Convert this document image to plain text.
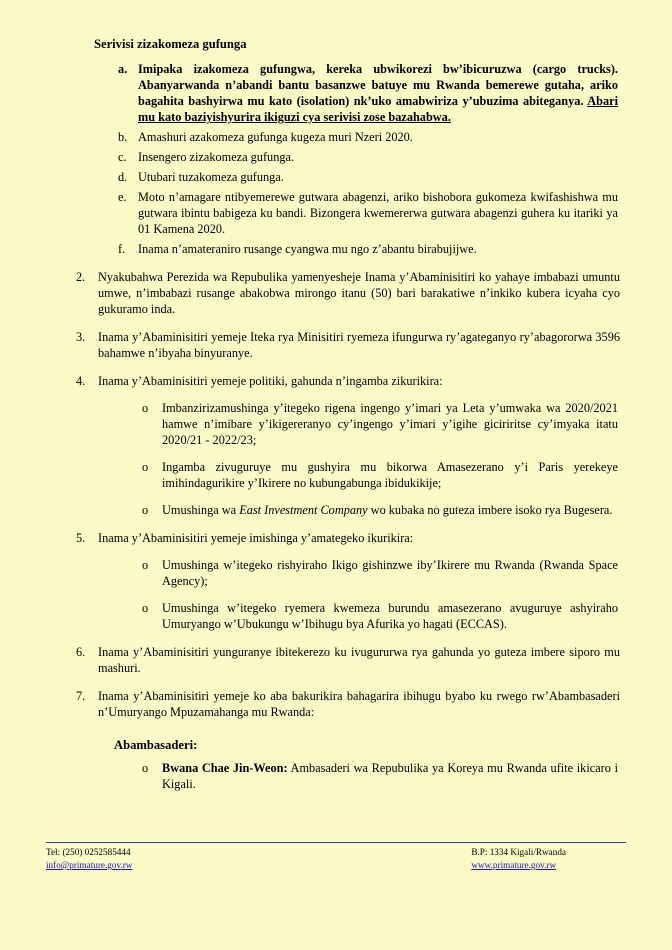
Serivisi zizakomeza gufunga
a. Imipaka izakomeza gufungwa, kereka ubwikorezi bw’ibicuruzwa (cargo trucks). Abanyarwanda n’abandi bantu basanzwe batuye mu Rwanda bemerewe gutaha, ariko bagahita bashyirwa mu kato (isolation) nk’uko amabwiriza y’ubuzima abiteganya. Abari mu kato baziyishyurira ikiguzi cya serivisi zose bazahabwa.
b. Amashuri azakomeza gufunga kugeza muri Nzeri 2020.
c. Insengero zizakomeza gufunga.
d. Utubari tuzakomeza gufunga.
e. Moto n’amagare ntibyemerewe gutwara abagenzi, ariko bishobora gukomeza kwifashishwa mu gutwara ibintu babigeza ku bandi. Bizongera kwemererwa gutwara abagenzi guhera ku itariki ya 01 Kamena 2020.
f.	Inama n’amateraniro rusange cyangwa mu ngo z’abantu birabujijwe.
2.	Nyakubahwa Perezida wa Repubulika yamenyesheje Inama y’Abaminisitiri ko yahaye imbabazi umuntu umwe, n’imbabazi rusange abakobwa mirongo itanu (50) bari barakatiwe n’inkiko kubera icyaha cyo gukuramo inda.
3.	Inama y’Abaminisitiri yemeje Iteka rya Minisitiri ryemeza ifungurwa ry’agateganyo ry’abagororwa 3596 bahamwe n’ibyaha binyuranye.
4.	Inama y’Abaminisitiri yemeje politiki, gahunda n’ingamba zikurikira:
o	Imbanzirizamushinga y’itegeko rigena ingengo y’imari ya Leta y’umwaka wa 2020/2021 hamwe n’imibare y’ikigereranyo cy’ingengo y’imari y’igihe giciriritse cy’imyaka itatu 2020/21 - 2022/23;
o	Ingamba zivuguruye mu gushyira mu bikorwa Amasezerano y’i Paris yerekeye imihindagurikire y’Ikirere no kubungabunga ibidukikije;
o	Umushinga wa East Investment Company wo kubaka no guteza imbere isoko rya Bugesera.
5.	Inama y’Abaminisitiri yemeje imishinga y’amategeko ikurikira:
o	Umushinga w’itegeko rishyiraho Ikigo gishinzwe iby’Ikirere mu Rwanda (Rwanda Space Agency);
o	Umushinga w’itegeko ryemera kwemeza burundu amasezerano avuguruye ashyiraho Umuryango w’Ubukungu w’Ibihugu bya Afurika yo hagati (ECCAS).
6.	Inama y’Abaminisitiri yunguranye ibitekerezo ku ivugururwa rya gahunda yo guteza imbere siporo mu mashuri.
7.	Inama y’Abaminisitiri yemeje ko aba bakurikira bahagarira ibihugu byabo ku rwego rw’Abambasaderi n’Umuryango Mpuzamahanga mu Rwanda:
Abambasaderi:
o	Bwana Chae Jin-Weon: Ambasaderi wa Repubulika ya Koreya mu Rwanda ufite ikicaro i Kigali.
Tel: (250) 0252585444
info@primature.gov.rw
B.P: 1334 Kigali/Rwanda
www.primature.gov.rw
